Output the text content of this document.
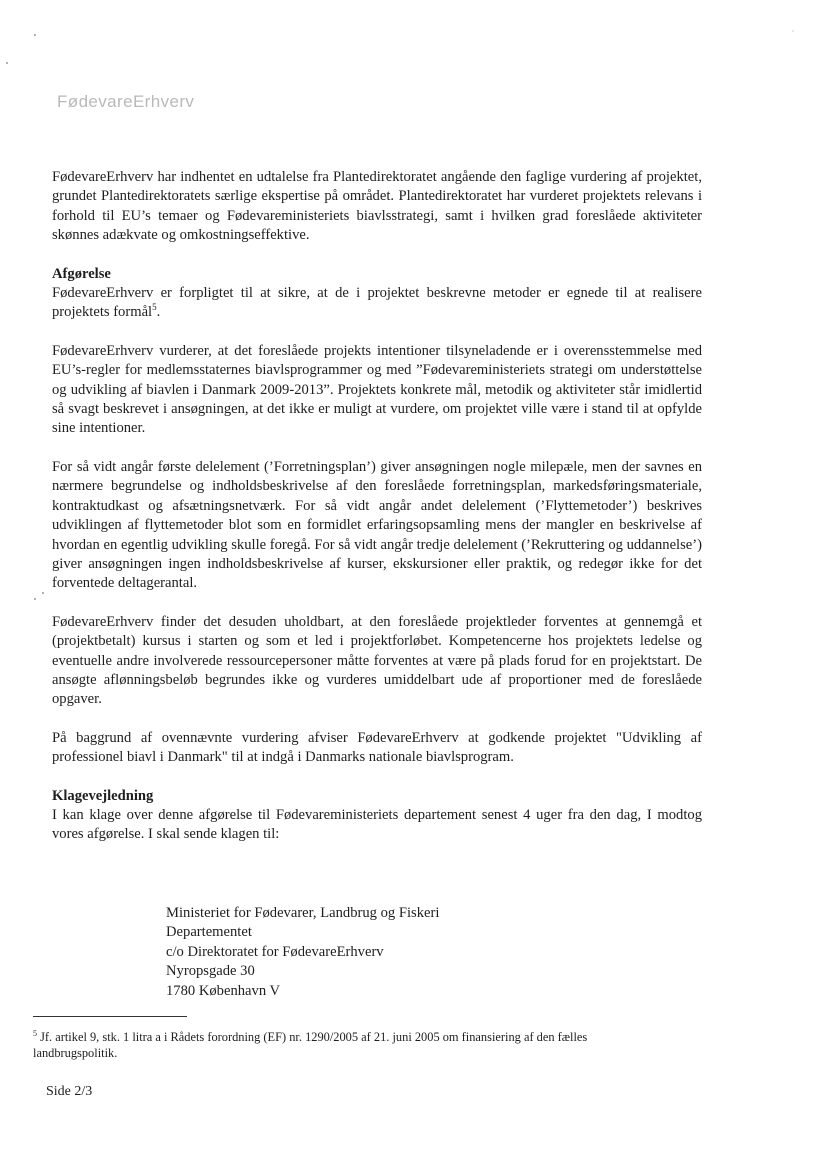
FødevareErhverv

FødevareErhverv har indhentet en udtalelse fra Plantedirektoratet angående den faglige vurdering af projektet, grundet Plantedirektoratets særlige ekspertise på området. Plantedirektoratet har vurderet projektets relevans i forhold til EU’s temaer og Fødevareministeriets biavlsstrategi, samt i hvilken grad foreslåede aktiviteter skønnes adækvate og omkostningseffektive.

Afgørelse

FødevareErhverv er forpligtet til at sikre, at de i projektet beskrevne metoder er egnede til at realisere projektets formål$^5$.

FødevareErhverv vurderer, at det foreslåede projekts intentioner tilsyneladende er i overensstemmelse med EU’s-regler for medlemsstaternes biavlsprogrammer og med ”Fødevareministeriets strategi om understøttelse og udvikling af biavlen i Danmark 2009-2013”. Projektets konkrete mål, metodik og aktiviteter står imidlertid så svagt beskrevet i ansøgningen, at det ikke er muligt at vurdere, om projektet ville være i stand til at opfylde sine intentioner.

For så vidt angår første delelement (’Forretningsplan’) giver ansøgningen nogle milepæle, men der savnes en nærmere begrundelse og indholdsbeskrivelse af den foreslåede forretningsplan, markedsføringsmateriale, kontraktudkast og afsætningsnetværk. For så vidt angår andet delelement (’Flyttemetoder’) beskrives udviklingen af flyttemetoder blot som en formidlet erfaringsopsamling mens der mangler en beskrivelse af hvordan en egentlig udvikling skulle foregå. For så vidt angår tredje delelement (’Rekruttering og uddannelse’) giver ansøgningen ingen indholdsbeskrivelse af kurser, ekskursioner eller praktik, og redegør ikke for det forventede deltagerantal.

FødevareErhverv finder det desuden uholdbart, at den foreslåede projektleder forventes at gennemgå et (projektbetalt) kursus i starten og som et led i projektforløbet. Kompetencerne hos projektets ledelse og eventuelle andre involverede ressourcepersoner måtte forventes at være på plads forud for en projektstart. De ansøgte aflønningsbeløb begrundes ikke og vurderes umiddelbart ude af proportioner med de foreslåede opgaver.

På baggrund af ovennævnte vurdering afviser FødevareErhverv at godkende projektet "Udvikling af professionel biavl i Danmark" til at indgå i Danmarks nationale biavlsprogram.

Klagevejledning

I kan klage over denne afgørelse til Fødevareministeriets departement senest 4 uger fra den dag, I modtog vores afgørelse. I skal sende klagen til:

Ministeriet for Fødevarer, Landbrug og Fiskeri
Departementet
c/o Direktoratet for FødevareErhverv
Nyropsgade 30
1780 København V
$^5$ Jf. artikel 9, stk. 1 litra a i Rådets forordning (EF) nr. 1290/2005 af 21. juni 2005 om finansiering af den fælles landbrugspolitik.
Side 2/3
